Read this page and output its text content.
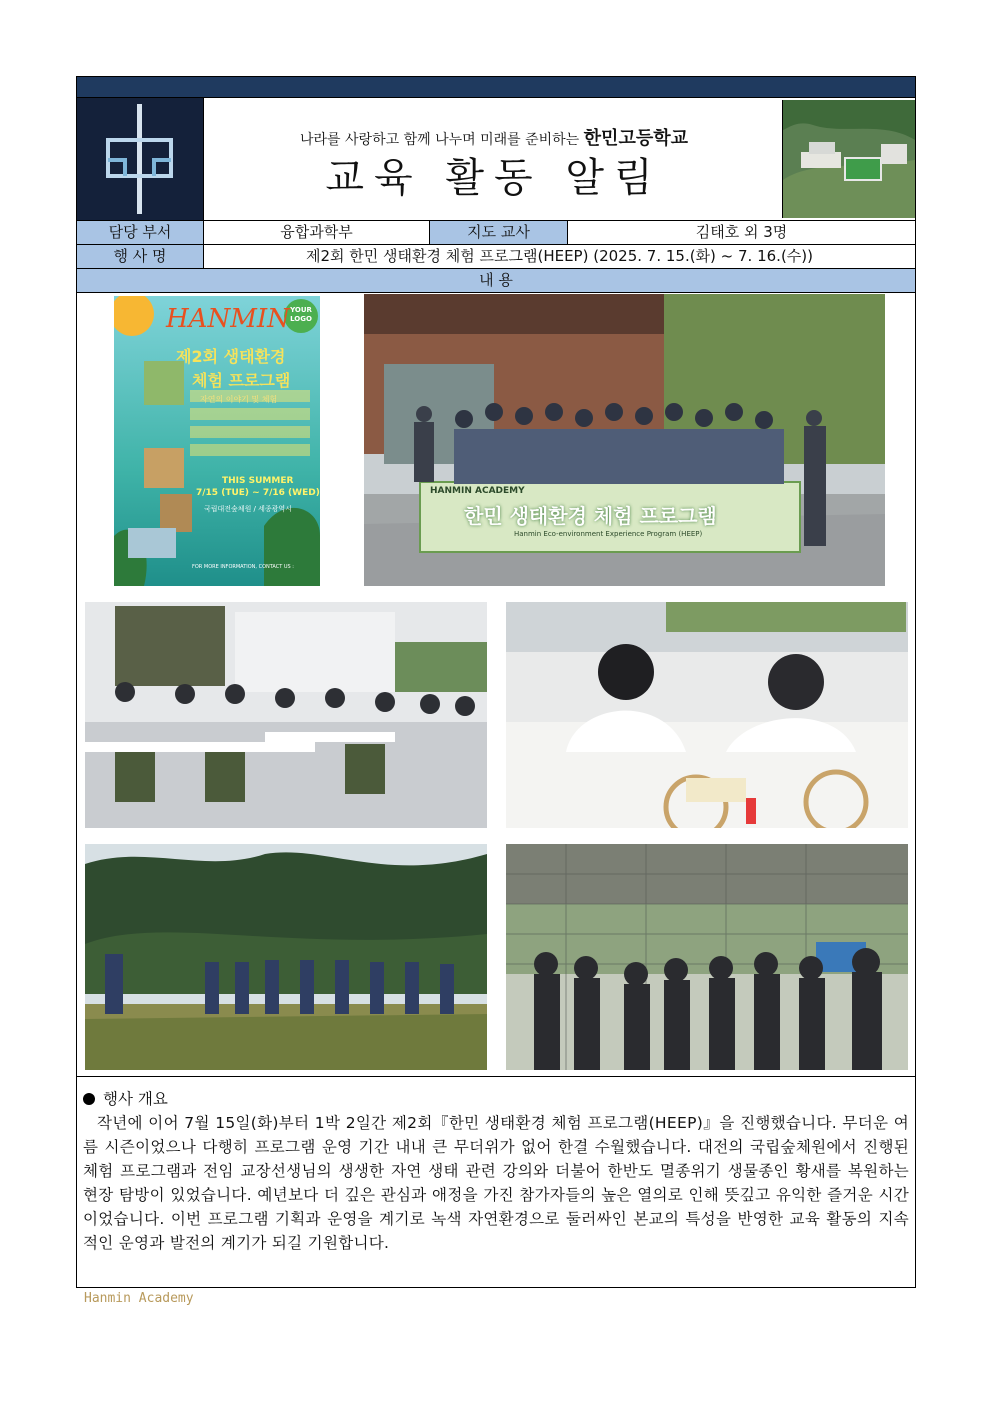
나라를 사랑하고 함께 나누며 미래를 준비하는 한민고등학교
교육 활동 알림
담당 부서	융합과학부	지도 교사	김태호 외 3명
행 사 명	제2회 한민 생태환경 체험 프로그램(HEEP) (2025. 7. 15.(화) ~ 7. 16.(수))
내 용
HANMIN YOUR LOGO
제2회 생태환경
체험 프로그램
자연의 이야기 및 체험
THIS SUMMER
7/15 (TUE) ~ 7/16 (WED)
국립대전숲체원 / 세종광역시
FOR MORE INFORMATION, CONTACT US :
HANMIN ACADEMY
한민 생태환경 체험 프로그램
Hanmin Eco-environment Experience Program (HEEP)
행사 개요
작년에 이어 7월 15일(화)부터 1박 2일간 제2회『한민 생태환경 체험 프로그램(HEEP)』을 진행했습니다. 무더운 여름 시즌이었으나 다행히 프로그램 운영 기간 내내 큰 무더위가 없어 한결 수월했습니다. 대전의 국립숲체원에서 진행된 체험 프로그램과 전임 교장선생님의 생생한 자연 생태 관련 강의와 더불어 한반도 멸종위기 생물종인 황새를 복원하는 현장 탐방이 있었습니다. 예년보다 더 깊은 관심과 애정을 가진 참가자들의 높은 열의로 인해 뜻깊고 유익한 즐거운 시간이었습니다. 이번 프로그램 기획과 운영을 계기로 녹색 자연환경으로 둘러싸인 본교의 특성을 반영한 교육 활동의 지속적인 운영과 발전의 계기가 되길 기원합니다.
Hanmin Academy
